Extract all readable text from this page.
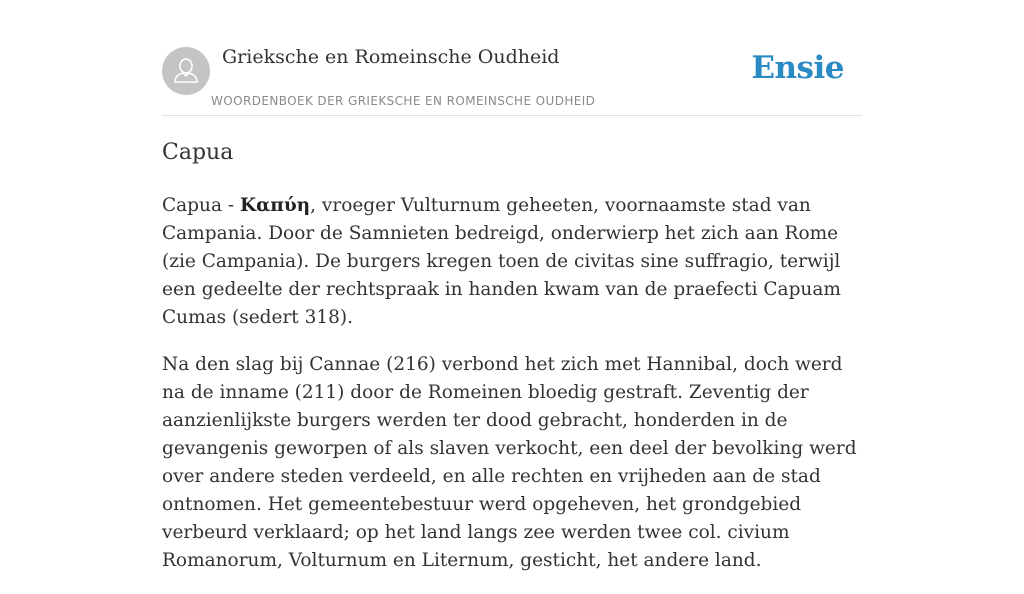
Grieksche en Romeinsche Oudheid
WOORDENBOEK DER GRIEKSCHE EN ROMEINSCHE OUDHEID
Ensie
Capua

Capua - Καπύη, vroeger Vulturnum geheeten, voornaamste stad van Campania. Door de Samnieten bedreigd, onderwierp het zich aan Rome (zie Campania). De burgers kregen toen de civitas sine suffragio, terwijl een gedeelte der rechtspraak in handen kwam van de praefecti Capuam Cumas (sedert 318).

Na den slag bij Cannae (216) verbond het zich met Hannibal, doch werd na de inname (211) door de Romeinen bloedig gestraft. Zeventig der aanzienlijkste burgers werden ter dood gebracht, honderden in de gevangenis geworpen of als slaven verkocht, een deel der bevolking werd over andere steden verdeeld, en alle rechten en vrijheden aan de stad ontnomen. Het gemeentebestuur werd opgeheven, het grondgebied verbeurd verklaard; op het land langs zee werden twee col. civium Romanorum, Volturnum en Liternum, gesticht, het andere land.
